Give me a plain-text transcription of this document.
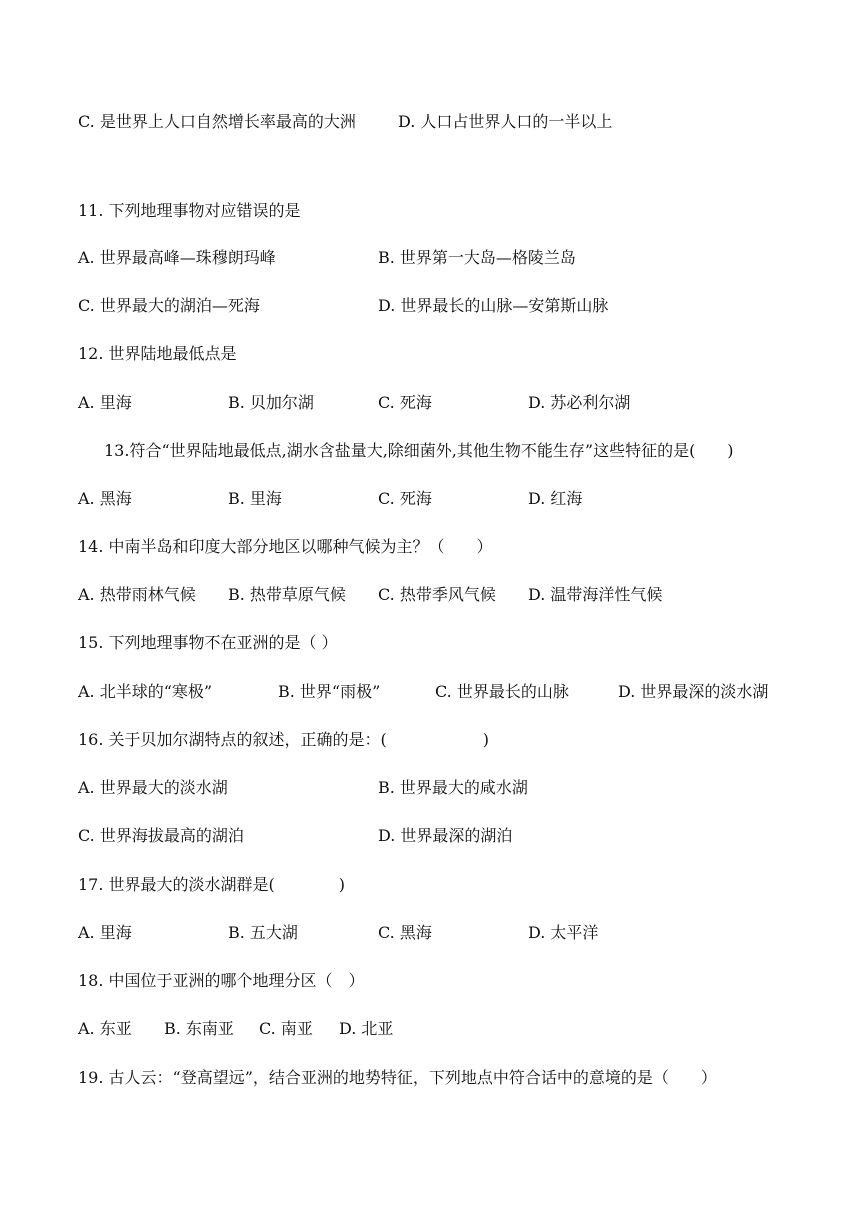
C. 是世界上人口自然增长率最高的大洲	D. 人口占世界人口的一半以上
11. 下列地理事物对应错误的是
A. 世界最高峰—珠穆朗玛峰	B. 世界第一大岛—格陵兰岛
C. 世界最大的湖泊—死海	D. 世界最长的山脉—安第斯山脉
12. 世界陆地最低点是
A. 里海	B. 贝加尔湖	C. 死海	D. 苏必利尔湖
13.符合“世界陆地最低点,湖水含盐量大,除细菌外,其他生物不能生存”这些特征的是(　　)
A. 黑海	B. 里海	C. 死海	D. 红海
14. 中南半岛和印度大部分地区以哪种气候为主？（　　）
A. 热带雨林气候 B. 热带草原气候 C. 热带季风气候 D. 温带海洋性气候
15. 下列地理事物不在亚洲的是（ ）
A. 北半球的“寒极”	B. 世界“雨极”	C. 世界最长的山脉	D. 世界最深的淡水湖
16. 关于贝加尔湖特点的叙述，正确的是：(　　　　　　)
A. 世界最大的淡水湖	B. 世界最大的咸水湖
C. 世界海拔最高的湖泊	D. 世界最深的湖泊
17. 世界最大的淡水湖群是(　　　　)
A. 里海	B. 五大湖	C. 黑海	D. 太平洋
18. 中国位于亚洲的哪个地理分区（　）
A. 东亚 B. 东南亚 C. 南亚 D. 北亚
19. 古人云：“登高望远”，结合亚洲的地势特征，下列地点中符合话中的意境的是（　　）
